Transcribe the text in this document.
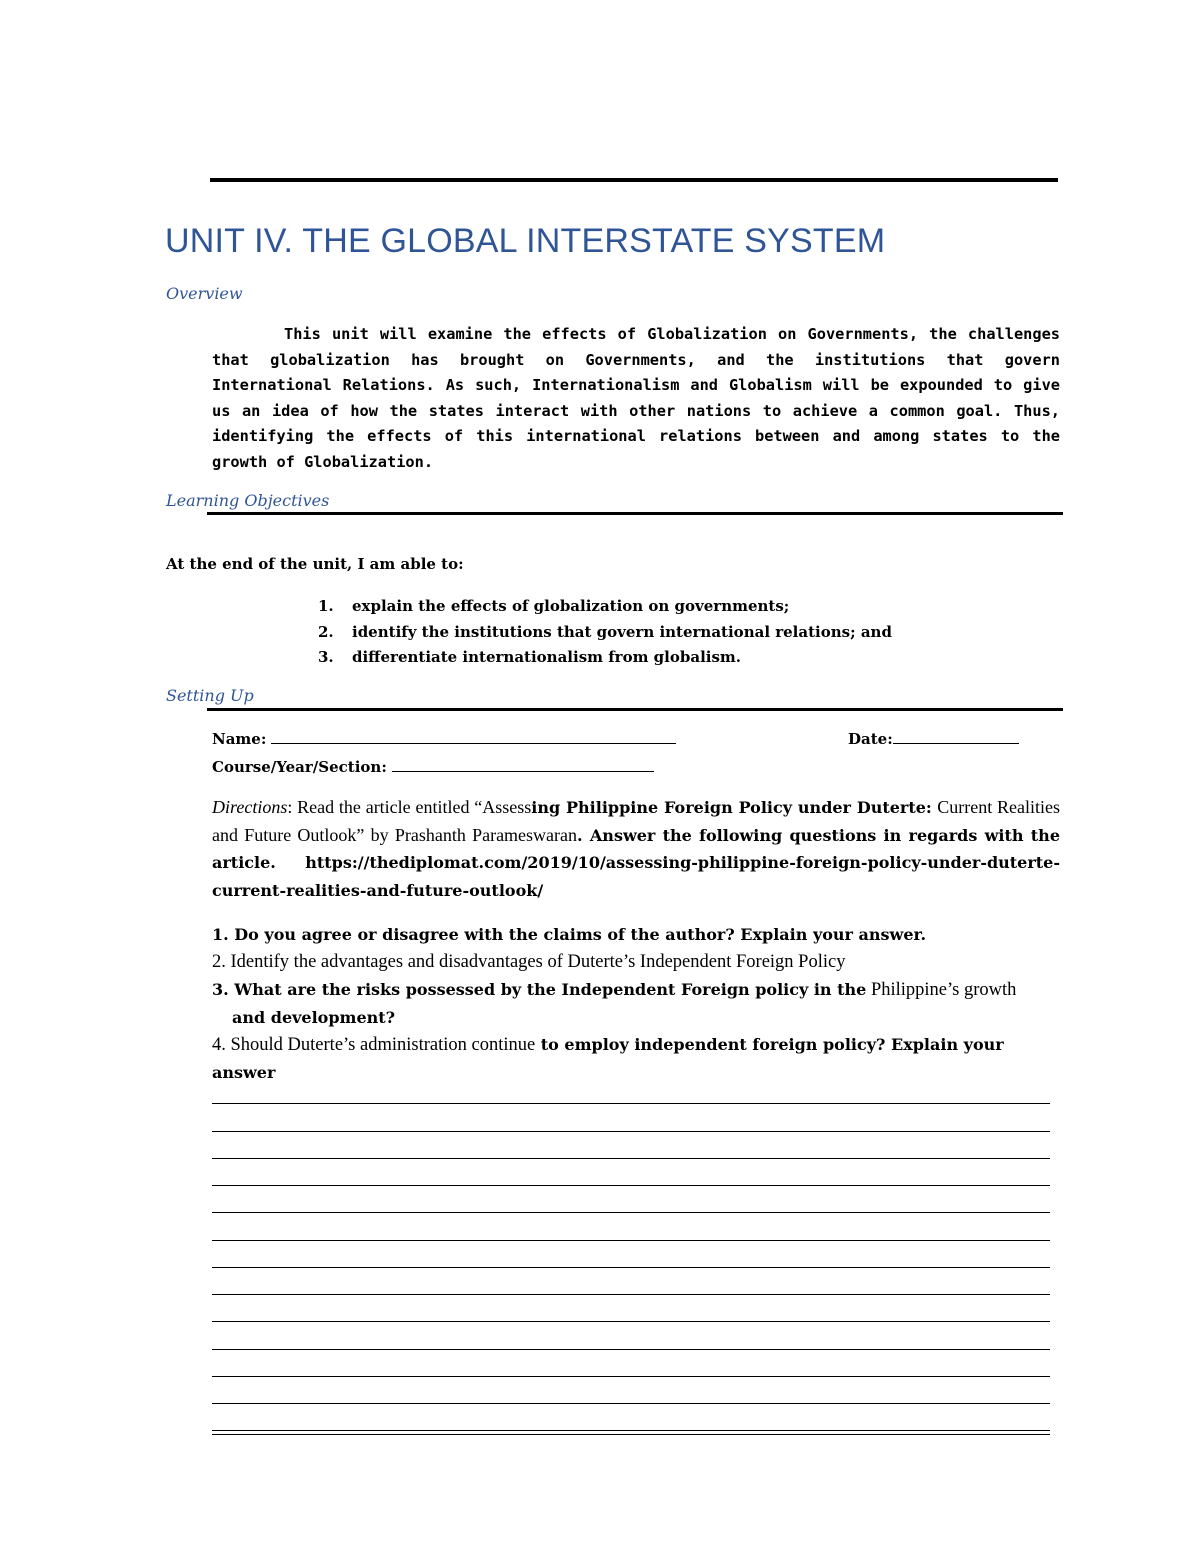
UNIT IV. THE GLOBAL INTERSTATE SYSTEM
Overview

This unit will examine the effects of Globalization on Governments, the challenges that globalization has brought on Governments, and the institutions that govern International Relations. As such, Internationalism and Globalism will be expounded to give us an idea of how the states interact with other nations to achieve a common goal. Thus, identifying the effects of this international relations between and among states to the growth of Globalization.

Learning Objectives

At the end of the unit, I am able to:

1. explain the effects of globalization on governments;
2. identify the institutions that govern international relations; and
3. differentiate internationalism from globalism.
Setting Up
Name:	Date:
Course/Year/Section:

Directions: Read the article entitled “Assessing Philippine Foreign Policy under Duterte: Current Realities and Future Outlook” by Prashanth Parameswaran. Answer the following questions in regards with the article. https://thediplomat.com/2019/10/assessing-philippine-foreign-policy-under-duterte-current-realities-and-future-outlook/

1. Do you agree or disagree with the claims of the author? Explain your answer.

2. Identify the advantages and disadvantages of Duterte’s Independent Foreign Policy

3. What are the risks possessed by the Independent Foreign policy in the Philippine’s growth
and development?

4. Should Duterte’s administration continue to employ independent foreign policy? Explain your answer
